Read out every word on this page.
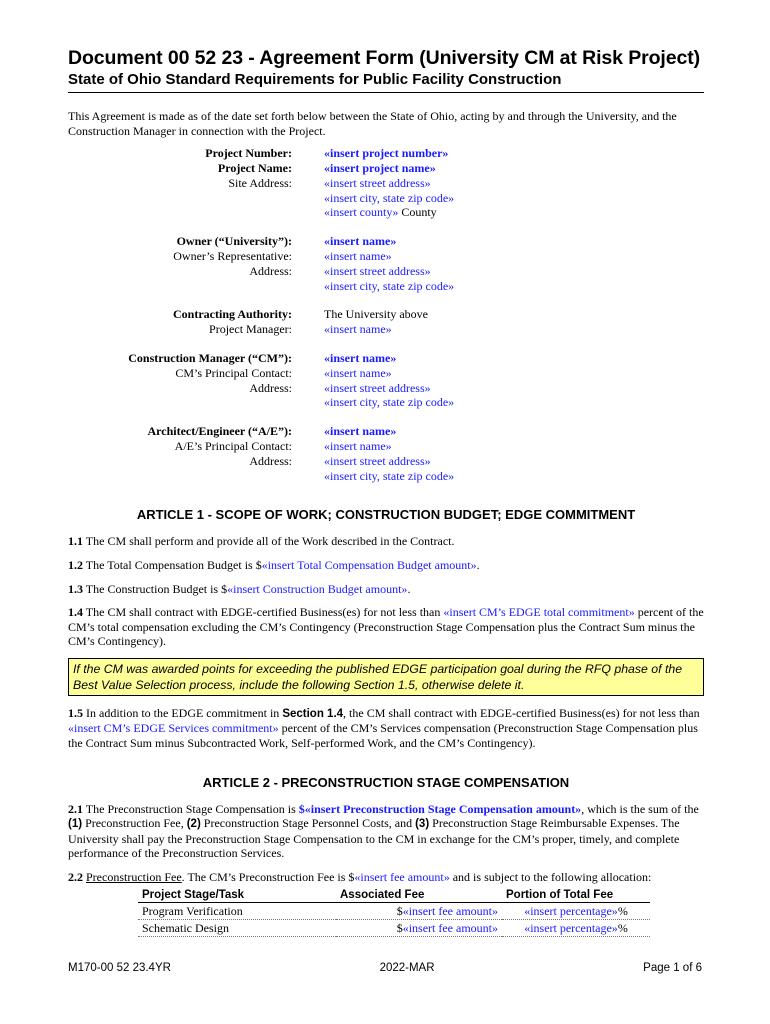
Document 00 52 23 - Agreement Form (University CM at Risk Project)
State of Ohio Standard Requirements for Public Facility Construction

This Agreement is made as of the date set forth below between the State of Ohio, acting by and through the University, and the Construction Manager in connection with the Project.

Project Number:	«insert project number»
Project Name:	«insert project name»
Site Address:	«insert street address»
«insert city, state zip code»
«insert county» County
Owner (“University”):	«insert name»
Owner’s Representative:	«insert name»
Address:	«insert street address»
«insert city, state zip code»
Contracting Authority:	The University above
Project Manager:	«insert name»
Construction Manager (“CM”):	«insert name»
CM’s Principal Contact:	«insert name»
Address:	«insert street address»
«insert city, state zip code»
Architect/Engineer (“A/E”):	«insert name»
A/E’s Principal Contact:	«insert name»
Address:	«insert street address»
«insert city, state zip code»
ARTICLE 1 - SCOPE OF WORK; CONSTRUCTION BUDGET; EDGE COMMITMENT

1.1 The CM shall perform and provide all of the Work described in the Contract.

1.2 The Total Compensation Budget is $«insert Total Compensation Budget amount».

1.3 The Construction Budget is $«insert Construction Budget amount».

1.4 The CM shall contract with EDGE-certified Business(es) for not less than «insert CM’s EDGE total commitment» percent of the CM’s total compensation excluding the CM’s Contingency (Preconstruction Stage Compensation plus the Contract Sum minus the CM’s Contingency).

If the CM was awarded points for exceeding the published EDGE participation goal during the RFQ phase of the Best Value Selection process, include the following Section 1.5, otherwise delete it.

1.5 In addition to the EDGE commitment in Section 1.4, the CM shall contract with EDGE-certified Business(es) for not less than «insert CM’s EDGE Services commitment» percent of the CM’s Services compensation (Preconstruction Stage Compensation plus the Contract Sum minus Subcontracted Work, Self-performed Work, and the CM’s Contingency).

ARTICLE 2 - PRECONSTRUCTION STAGE COMPENSATION

2.1 The Preconstruction Stage Compensation is $«insert Preconstruction Stage Compensation amount», which is the sum of the (1) Preconstruction Fee, (2) Preconstruction Stage Personnel Costs, and (3) Preconstruction Stage Reimbursable Expenses. The University shall pay the Preconstruction Stage Compensation to the CM in exchange for the CM’s proper, timely, and complete performance of the Preconstruction Services.

2.2 Preconstruction Fee. The CM’s Preconstruction Fee is $«insert fee amount» and is subject to the following allocation:

Project Stage/Task	Associated Fee	Portion of Total Fee
Program Verification	$«insert fee amount»	«insert percentage»%
Schematic Design	$«insert fee amount»	«insert percentage»%
M170-00 52 23.4YR	2022-MAR	Page 1 of 6
